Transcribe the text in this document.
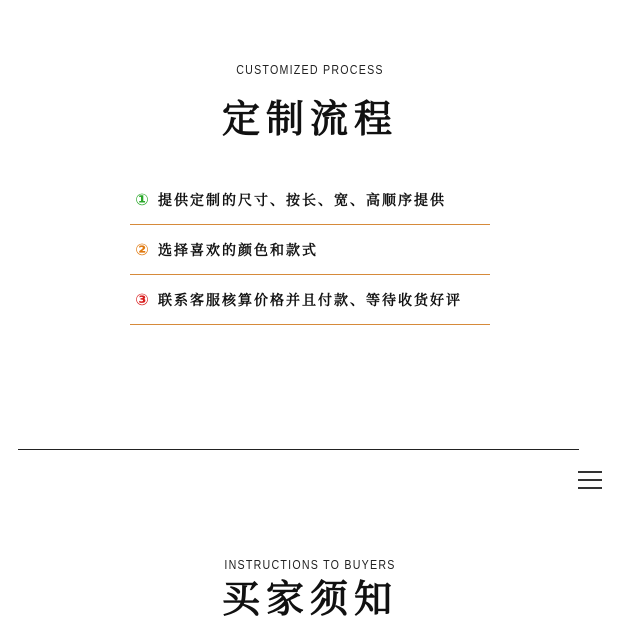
CUSTOMIZED PROCESS
定制流程
① 提供定制的尺寸、按长、宽、高顺序提供
② 选择喜欢的颜色和款式
③ 联系客服核算价格并且付款、等待收货好评
INSTRUCTIONS TO BUYERS
买家须知
